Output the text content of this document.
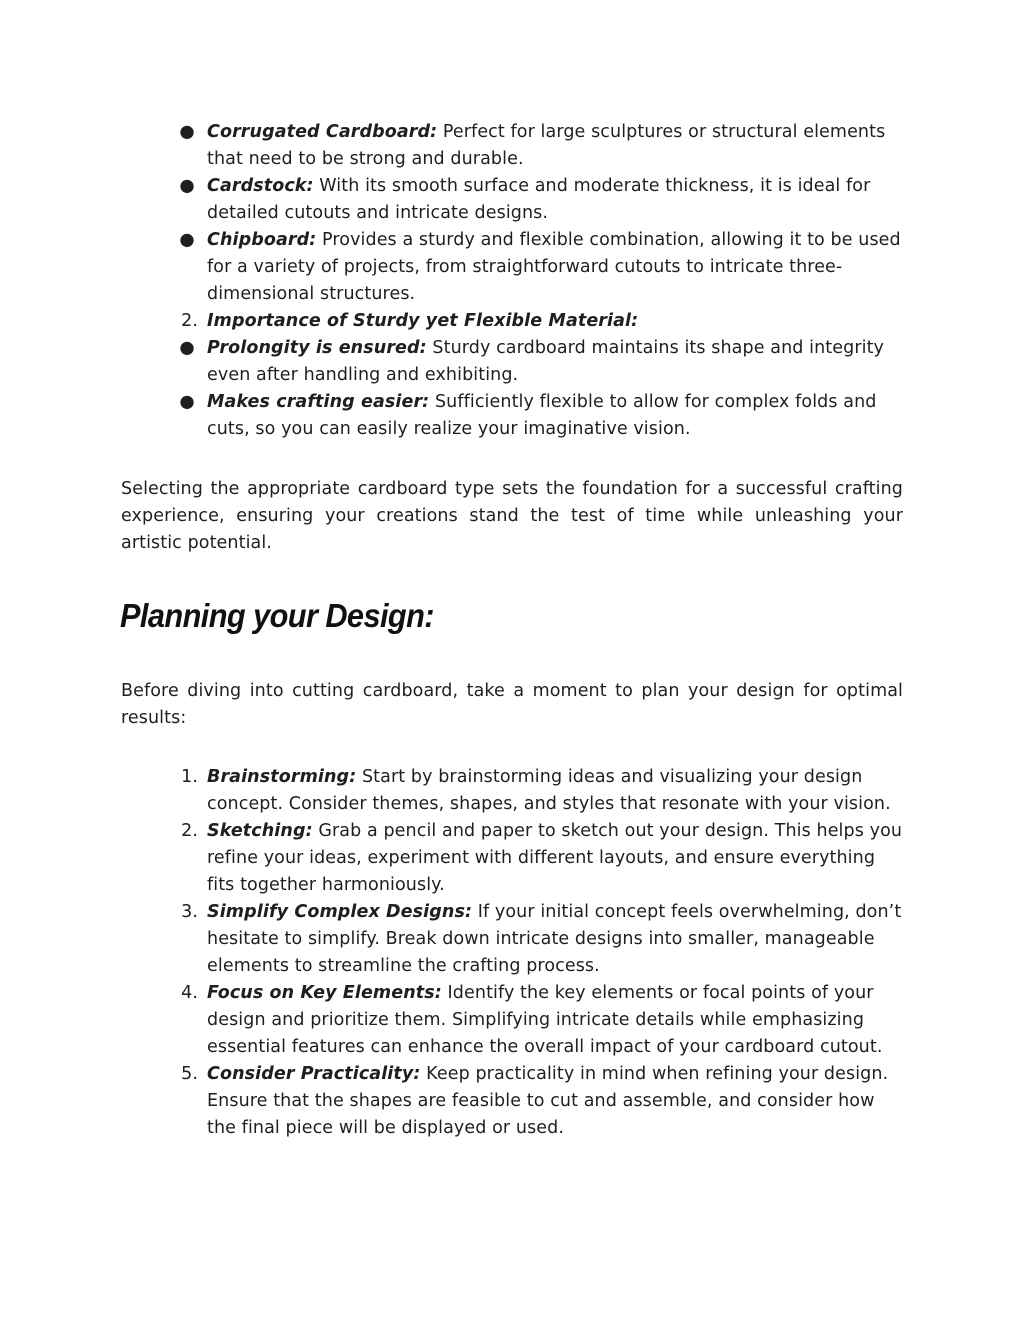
● Corrugated Cardboard: Perfect for large sculptures or structural elements that need to be strong and durable.
● Cardstock: With its smooth surface and moderate thickness, it is ideal for detailed cutouts and intricate designs.
● Chipboard: Provides a sturdy and flexible combination, allowing it to be used for a variety of projects, from straightforward cutouts to intricate three-dimensional structures.
2. Importance of Sturdy yet Flexible Material:
● Prolongity is ensured: Sturdy cardboard maintains its shape and integrity even after handling and exhibiting.
● Makes crafting easier: Sufficiently flexible to allow for complex folds and cuts, so you can easily realize your imaginative vision.

Selecting the appropriate cardboard type sets the foundation for a successful crafting experience, ensuring your creations stand the test of time while unleashing your artistic potential.

Planning your Design:

Before diving into cutting cardboard, take a moment to plan your design for optimal results:

1. Brainstorming: Start by brainstorming ideas and visualizing your design concept. Consider themes, shapes, and styles that resonate with your vision.
2. Sketching: Grab a pencil and paper to sketch out your design. This helps you refine your ideas, experiment with different layouts, and ensure everything fits together harmoniously.
3. Simplify Complex Designs: If your initial concept feels overwhelming, don’t hesitate to simplify. Break down intricate designs into smaller, manageable elements to streamline the crafting process.
4. Focus on Key Elements: Identify the key elements or focal points of your design and prioritize them. Simplifying intricate details while emphasizing essential features can enhance the overall impact of your cardboard cutout.
5. Consider Practicality: Keep practicality in mind when refining your design. Ensure that the shapes are feasible to cut and assemble, and consider how the final piece will be displayed or used.
